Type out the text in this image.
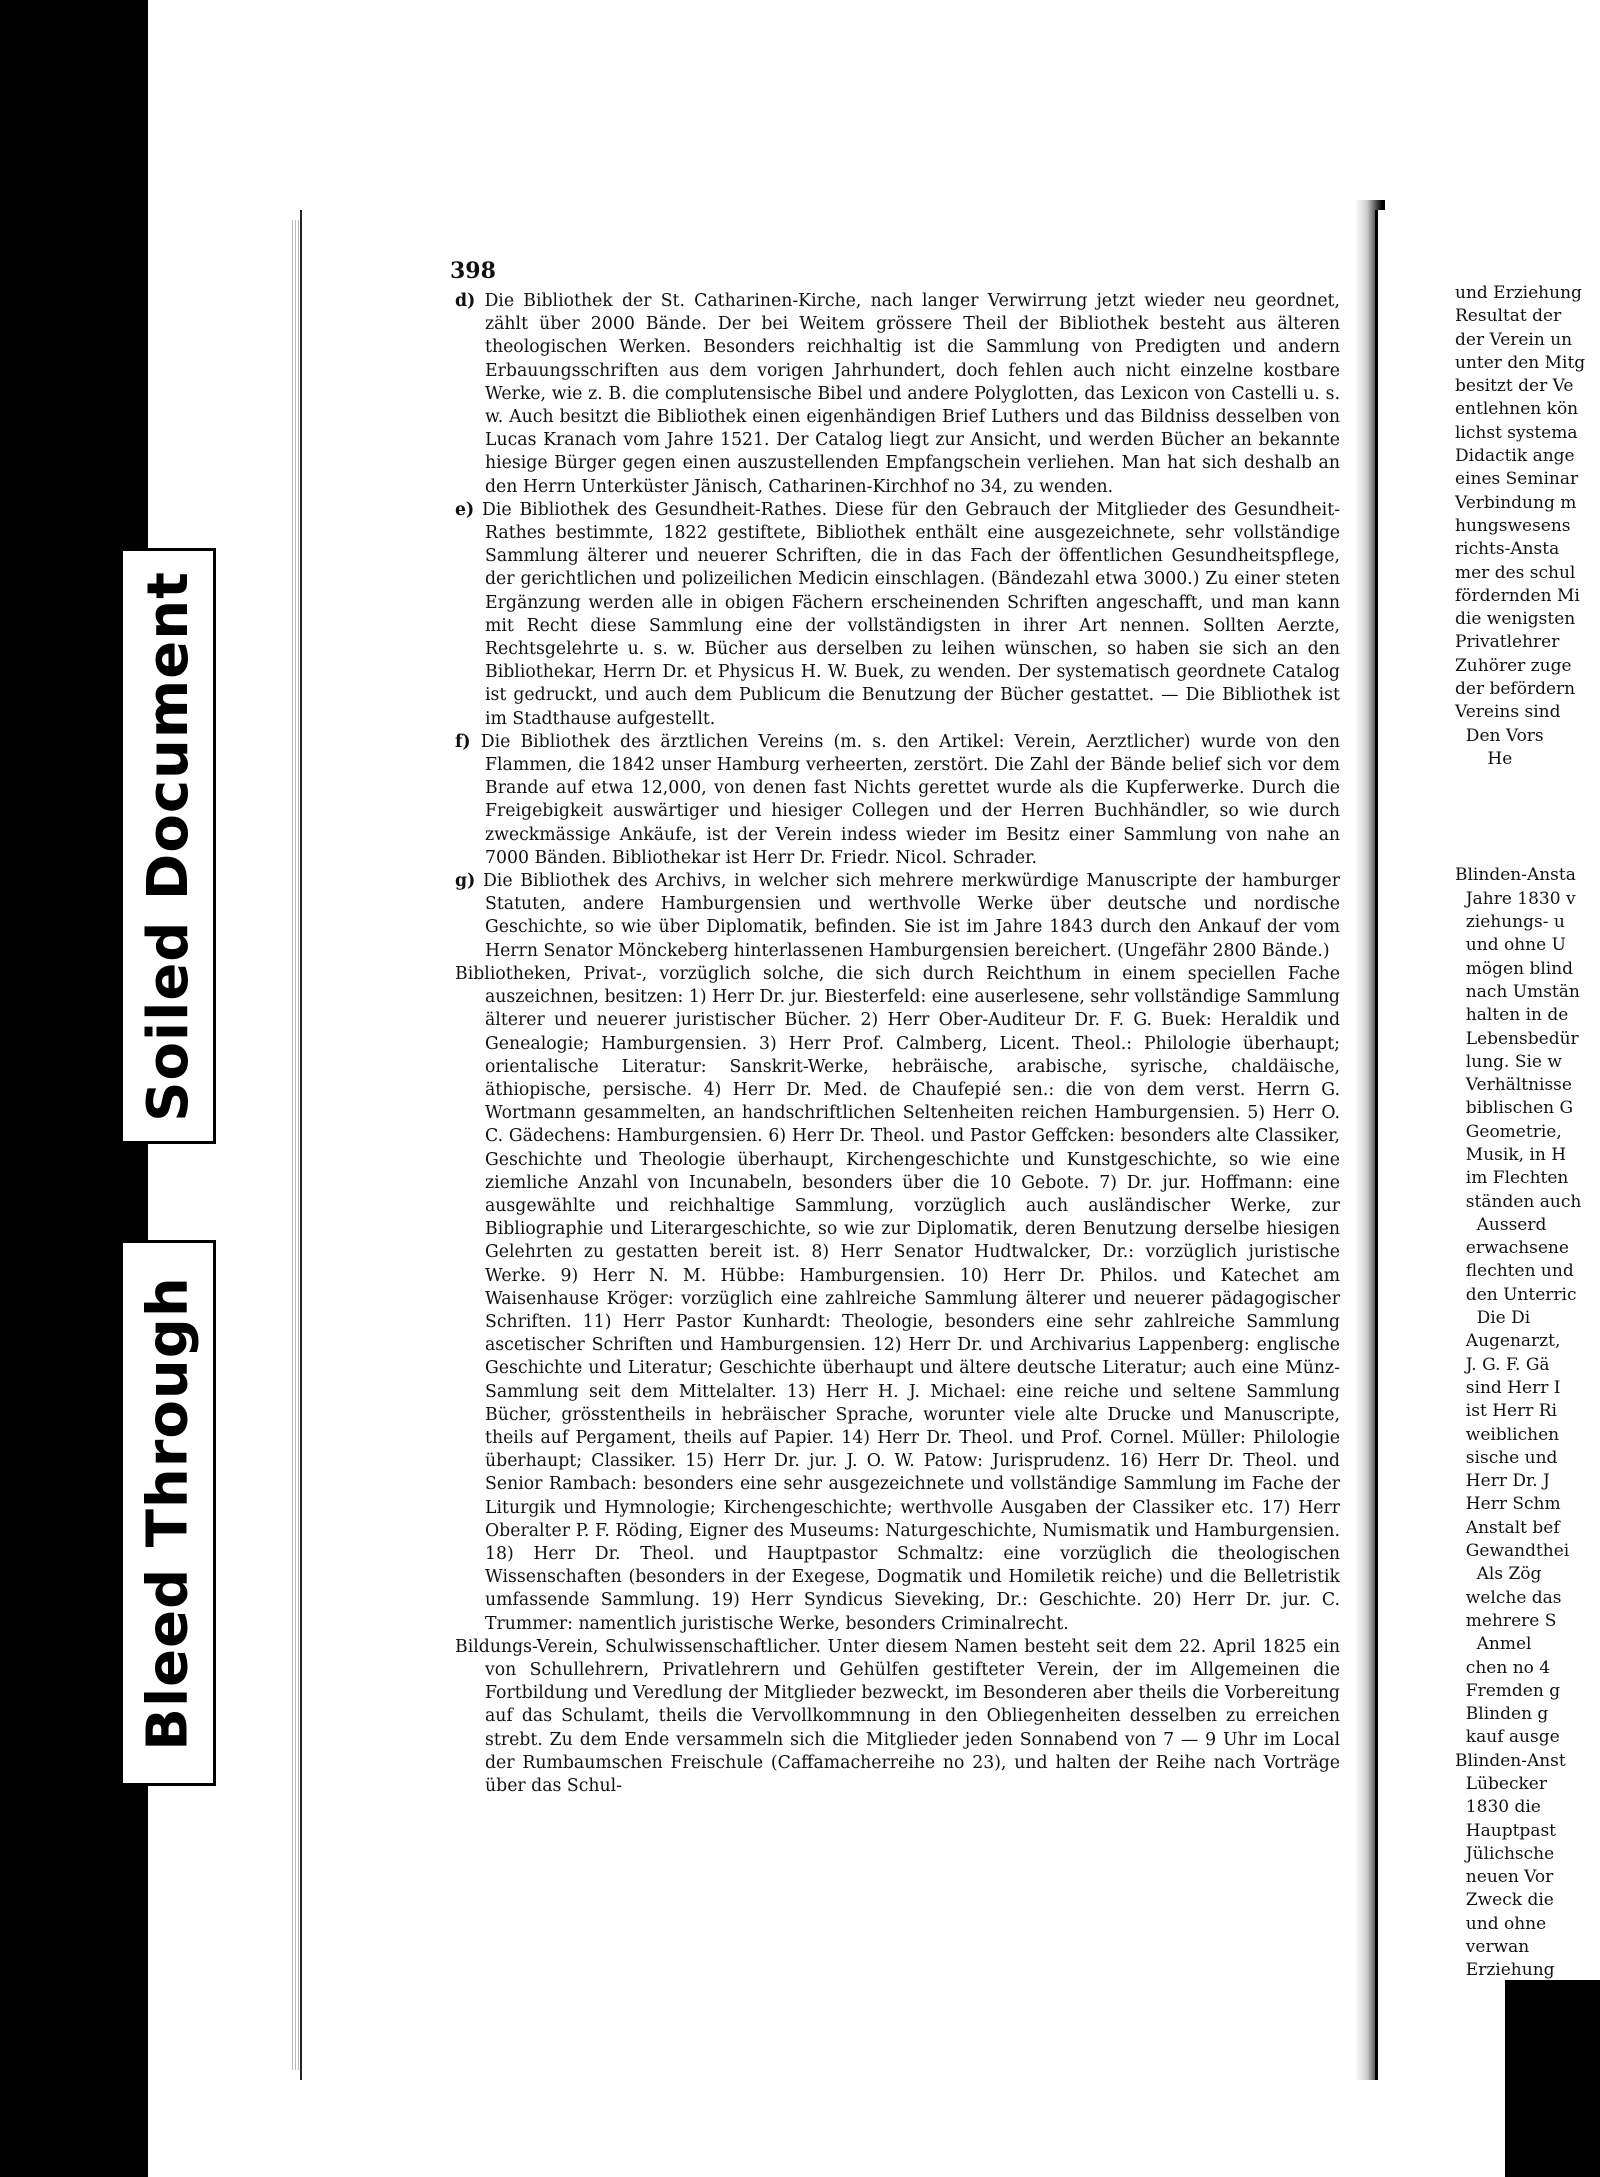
Soiled Document
Bleed Through
398
d) Die Bibliothek der St. Catharinen-Kirche, nach langer Verwirrung jetzt wieder neu geordnet, zählt über 2000 Bände. Der bei Weitem grössere Theil der Bibliothek besteht aus älteren theologischen Werken. Besonders reichhaltig ist die Sammlung von Predigten und andern Erbauungsschriften aus dem vorigen Jahrhundert, doch fehlen auch nicht einzelne kostbare Werke, wie z. B. die complutensische Bibel und andere Polyglotten, das Lexicon von Castelli u. s. w. Auch besitzt die Bibliothek einen eigenhändigen Brief Luthers und das Bildniss desselben von Lucas Kranach vom Jahre 1521. Der Catalog liegt zur Ansicht, und werden Bücher an bekannte hiesige Bürger gegen einen auszustellenden Empfangschein verliehen. Man hat sich deshalb an den Herrn Unterküster Jänisch, Catharinen-Kirchhof no 34, zu wenden.
e) Die Bibliothek des Gesundheit-Rathes. Diese für den Gebrauch der Mitglieder des Gesundheit-Rathes bestimmte, 1822 gestiftete, Bibliothek enthält eine ausgezeichnete, sehr vollständige Sammlung älterer und neuerer Schriften, die in das Fach der öffentlichen Gesundheitspflege, der gerichtlichen und polizeilichen Medicin einschlagen. (Bändezahl etwa 3000.) Zu einer steten Ergänzung werden alle in obigen Fächern erscheinenden Schriften angeschafft, und man kann mit Recht diese Sammlung eine der vollständigsten in ihrer Art nennen. Sollten Aerzte, Rechtsgelehrte u. s. w. Bücher aus derselben zu leihen wünschen, so haben sie sich an den Bibliothekar, Herrn Dr. et Physicus H. W. Buek, zu wenden. Der systematisch geordnete Catalog ist gedruckt, und auch dem Publicum die Benutzung der Bücher gestattet. — Die Bibliothek ist im Stadthause aufgestellt.
f) Die Bibliothek des ärztlichen Vereins (m. s. den Artikel: Verein, Aerztlicher) wurde von den Flammen, die 1842 unser Hamburg verheerten, zerstört. Die Zahl der Bände belief sich vor dem Brande auf etwa 12,000, von denen fast Nichts gerettet wurde als die Kupferwerke. Durch die Freigebigkeit auswärtiger und hiesiger Collegen und der Herren Buchhändler, so wie durch zweckmässige Ankäufe, ist der Verein indess wieder im Besitz einer Sammlung von nahe an 7000 Bänden. Bibliothekar ist Herr Dr. Friedr. Nicol. Schrader.
g) Die Bibliothek des Archivs, in welcher sich mehrere merkwürdige Manuscripte der hamburger Statuten, andere Hamburgensien und werthvolle Werke über deutsche und nordische Geschichte, so wie über Diplomatik, befinden. Sie ist im Jahre 1843 durch den Ankauf der vom Herrn Senator Mönckeberg hinterlassenen Hamburgensien bereichert. (Ungefähr 2800 Bände.)
Bibliotheken, Privat-, vorzüglich solche, die sich durch Reichthum in einem speciellen Fache auszeichnen, besitzen: 1) Herr Dr. jur. Biesterfeld: eine auserlesene, sehr vollständige Sammlung älterer und neuerer juristischer Bücher. 2) Herr Ober-Auditeur Dr. F. G. Buek: Heraldik und Genealogie; Hamburgensien. 3) Herr Prof. Calmberg, Licent. Theol.: Philologie überhaupt; orientalische Literatur: Sanskrit-Werke, hebräische, arabische, syrische, chaldäische, äthiopische, persische. 4) Herr Dr. Med. de Chaufepié sen.: die von dem verst. Herrn G. Wortmann gesammelten, an handschriftlichen Seltenheiten reichen Hamburgensien. 5) Herr O. C. Gädechens: Hamburgensien. 6) Herr Dr. Theol. und Pastor Geffcken: besonders alte Classiker, Geschichte und Theologie überhaupt, Kirchengeschichte und Kunstgeschichte, so wie eine ziemliche Anzahl von Incunabeln, besonders über die 10 Gebote. 7) Dr. jur. Hoffmann: eine ausgewählte und reichhaltige Sammlung, vorzüglich auch ausländischer Werke, zur Bibliographie und Literargeschichte, so wie zur Diplomatik, deren Benutzung derselbe hiesigen Gelehrten zu gestatten bereit ist. 8) Herr Senator Hudtwalcker, Dr.: vorzüglich juristische Werke. 9) Herr N. M. Hübbe: Hamburgensien. 10) Herr Dr. Philos. und Katechet am Waisenhause Kröger: vorzüglich eine zahlreiche Sammlung älterer und neuerer pädagogischer Schriften. 11) Herr Pastor Kunhardt: Theologie, besonders eine sehr zahlreiche Sammlung ascetischer Schriften und Hamburgensien. 12) Herr Dr. und Archivarius Lappenberg: englische Geschichte und Literatur; Geschichte überhaupt und ältere deutsche Literatur; auch eine Münz-Sammlung seit dem Mittelalter. 13) Herr H. J. Michael: eine reiche und seltene Sammlung Bücher, grösstentheils in hebräischer Sprache, worunter viele alte Drucke und Manuscripte, theils auf Pergament, theils auf Papier. 14) Herr Dr. Theol. und Prof. Cornel. Müller: Philologie überhaupt; Classiker. 15) Herr Dr. jur. J. O. W. Patow: Jurisprudenz. 16) Herr Dr. Theol. und Senior Rambach: besonders eine sehr ausgezeichnete und vollständige Sammlung im Fache der Liturgik und Hymnologie; Kirchengeschichte; werthvolle Ausgaben der Classiker etc. 17) Herr Oberalter P. F. Röding, Eigner des Museums: Naturgeschichte, Numismatik und Hamburgensien. 18) Herr Dr. Theol. und Hauptpastor Schmaltz: eine vorzüglich die theologischen Wissenschaften (besonders in der Exegese, Dogmatik und Homiletik reiche) und die Belletristik umfassende Sammlung. 19) Herr Syndicus Sieveking, Dr.: Geschichte. 20) Herr Dr. jur. C. Trummer: namentlich juristische Werke, besonders Criminalrecht.
Bildungs-Verein, Schulwissenschaftlicher. Unter diesem Namen besteht seit dem 22. April 1825 ein von Schullehrern, Privatlehrern und Gehülfen gestifteter Verein, der im Allgemeinen die Fortbildung und Veredlung der Mitglieder bezweckt, im Besonderen aber theils die Vorbereitung auf das Schulamt, theils die Vervollkommnung in den Obliegenheiten desselben zu erreichen strebt. Zu dem Ende versammeln sich die Mitglieder jeden Sonnabend von 7 — 9 Uhr im Local der Rumbaumschen Freischule (Caffamacherreihe no 23), und halten der Reihe nach Vorträge über das Schul-
und Erziehung
Resultat der
der Verein un
unter den Mitg
besitzt der Ve
entlehnen kön
lichst systema
Didactik ange
eines Seminar
Verbindung m
hungswesens
richts-Ansta
mer des schul
fördernden Mi
die wenigsten
Privatlehrer
Zuhörer zuge
der befördern
Vereins sind
Den Vors
He
Blinden-Ansta
Jahre 1830 v
ziehungs- u
und ohne U
mögen blind
nach Umstän
halten in de
Lebensbedür
lung. Sie w
Verhältnisse
biblischen G
Geometrie,
Musik, in H
im Flechten
ständen auch
Ausserd
erwachsene
flechten und
den Unterric
Die Di
Augenarzt,
J. G. F. Gä
sind Herr I
ist Herr Ri
weiblichen
sische und
Herr Dr. J
Herr Schm
Anstalt bef
Gewandthei
Als Zög
welche das
mehrere S
Anmel
chen no 4
Fremden g
Blinden g
kauf ausge
Blinden-Anst
Lübecker
1830 die
Hauptpast
Jülichsche
neuen Vor
Zweck die
und ohne
verwan
Erziehung
